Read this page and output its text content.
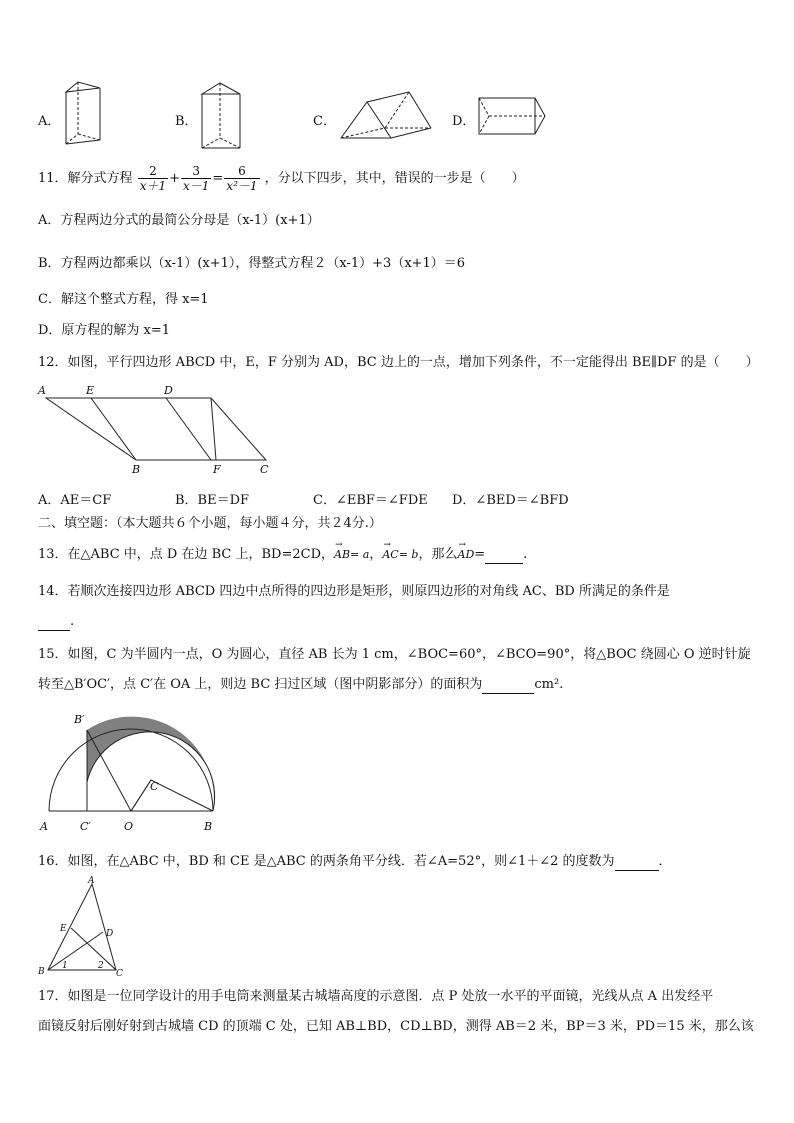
A．	B．	C．	D．
11．解分式方程 $\frac{2}{x+1} + \frac{3}{x-1} = \frac{6}{\text{x²－1}}$ ，分以下四步，其中，错误的一步是（　　）
A．方程两边分式的最简公分母是（x-1）(x+1）
B．方程两边都乘以（x-1）(x+1），得整式方程２（x-1）+3（x+1）＝6
C．解这个整式方程，得 x=1
D．原方程的解为 x=1
12．如图，平行四边形 ABCD 中，E，F 分别为 AD，BC 边上的一点，增加下列条件，不一定能得出 BE∥DF 的是（　　）
A	E	D
B	F	C
A．AE＝CF	B．BE＝DF	C．∠EBF＝∠FDE D．∠BED＝∠BFD
二、填空题：（本大题共６个小题，每小题４分，共２4分.）
13．在△ABC 中，点 D 在边 BC 上，BD=2CD，→ AB= a，→ AC= b，那么→ AD=	.
14．若顺次连接四边形 ABCD 四边中点所得的四边形是矩形，则原四边形的对角线 AC、BD 所满足的条件是
.
15．如图，C 为半圆内一点，O 为圆心，直径 AB 长为 1 cm，∠BOC=60°，∠BCO=90°，将△BOC 绕圆心 O 逆时针旋
转至△B′OC′，点 C′在 OA 上，则边 BC 扫过区域（图中阴影部分）的面积为	cm².
B′
C
A	C′	O	B
16．如图，在△ABC 中，BD 和 CE 是△ABC 的两条角平分线．若∠A=52°，则∠1＋∠2 的度数为	．
A
E	D
B	C
1	2
17．如图是一位同学设计的用手电筒来测量某古城墙高度的示意图．点 P 处放一水平的平面镜，光线从点 A 出发经平
面镜反射后刚好射到古城墙 CD 的顶端 C 处，已知 AB⊥BD，CD⊥BD，测得 AB＝2 米，BP＝3 米，PD＝15 米，那么该
